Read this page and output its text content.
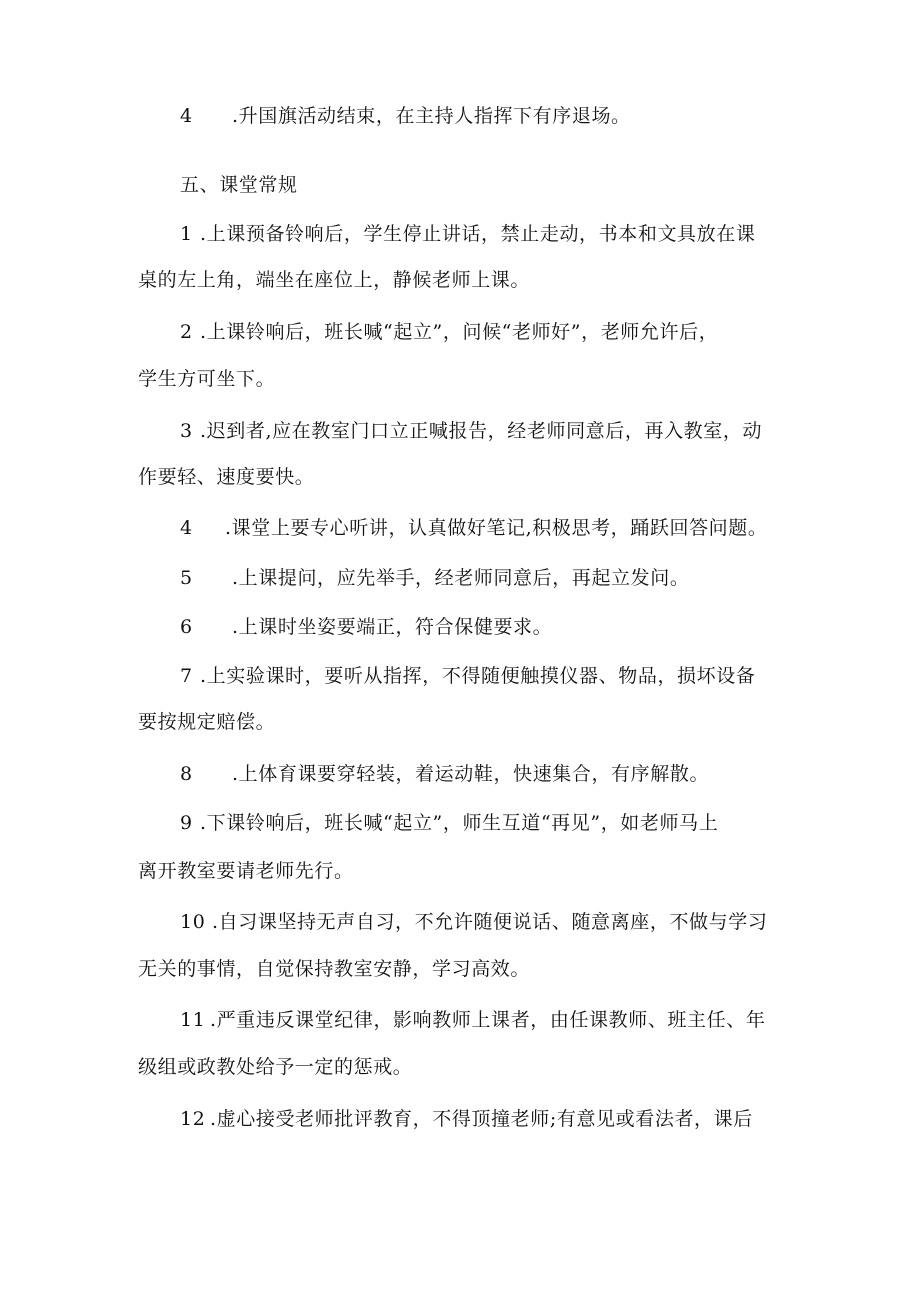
4 .升国旗活动结束，在主持人指挥下有序退场。
五、课堂常规
1 .上课预备铃响后，学生停止讲话，禁止走动，书本和文具放在课
桌的左上角，端坐在座位上，静候老师上课。
2 .上课铃响后，班长喊“起立”，问候“老师好”，老师允许后，
学生方可坐下。
3 .迟到者,应在教室门口立正喊报告，经老师同意后，再入教室，动
作要轻、速度要快。
4 .课堂上要专心听讲，认真做好笔记,积极思考，踊跃回答问题。
5 .上课提问，应先举手，经老师同意后，再起立发问。
6 .上课时坐姿要端正，符合保健要求。
7 .上实验课时，要听从指挥，不得随便触摸仪器、物品，损坏设备
要按规定赔偿。
8 .上体育课要穿轻装，着运动鞋，快速集合，有序解散。
9 .下课铃响后，班长喊“起立”，师生互道“再见”，如老师马上
离开教室要请老师先行。
10 .自习课坚持无声自习，不允许随便说话、随意离座，不做与学习
无关的事情，自觉保持教室安静，学习高效。
11 .严重违反课堂纪律，影响教师上课者，由任课教师、班主任、年
级组或政教处给予一定的惩戒。
12 .虚心接受老师批评教育，不得顶撞老师;有意见或看法者，课后
